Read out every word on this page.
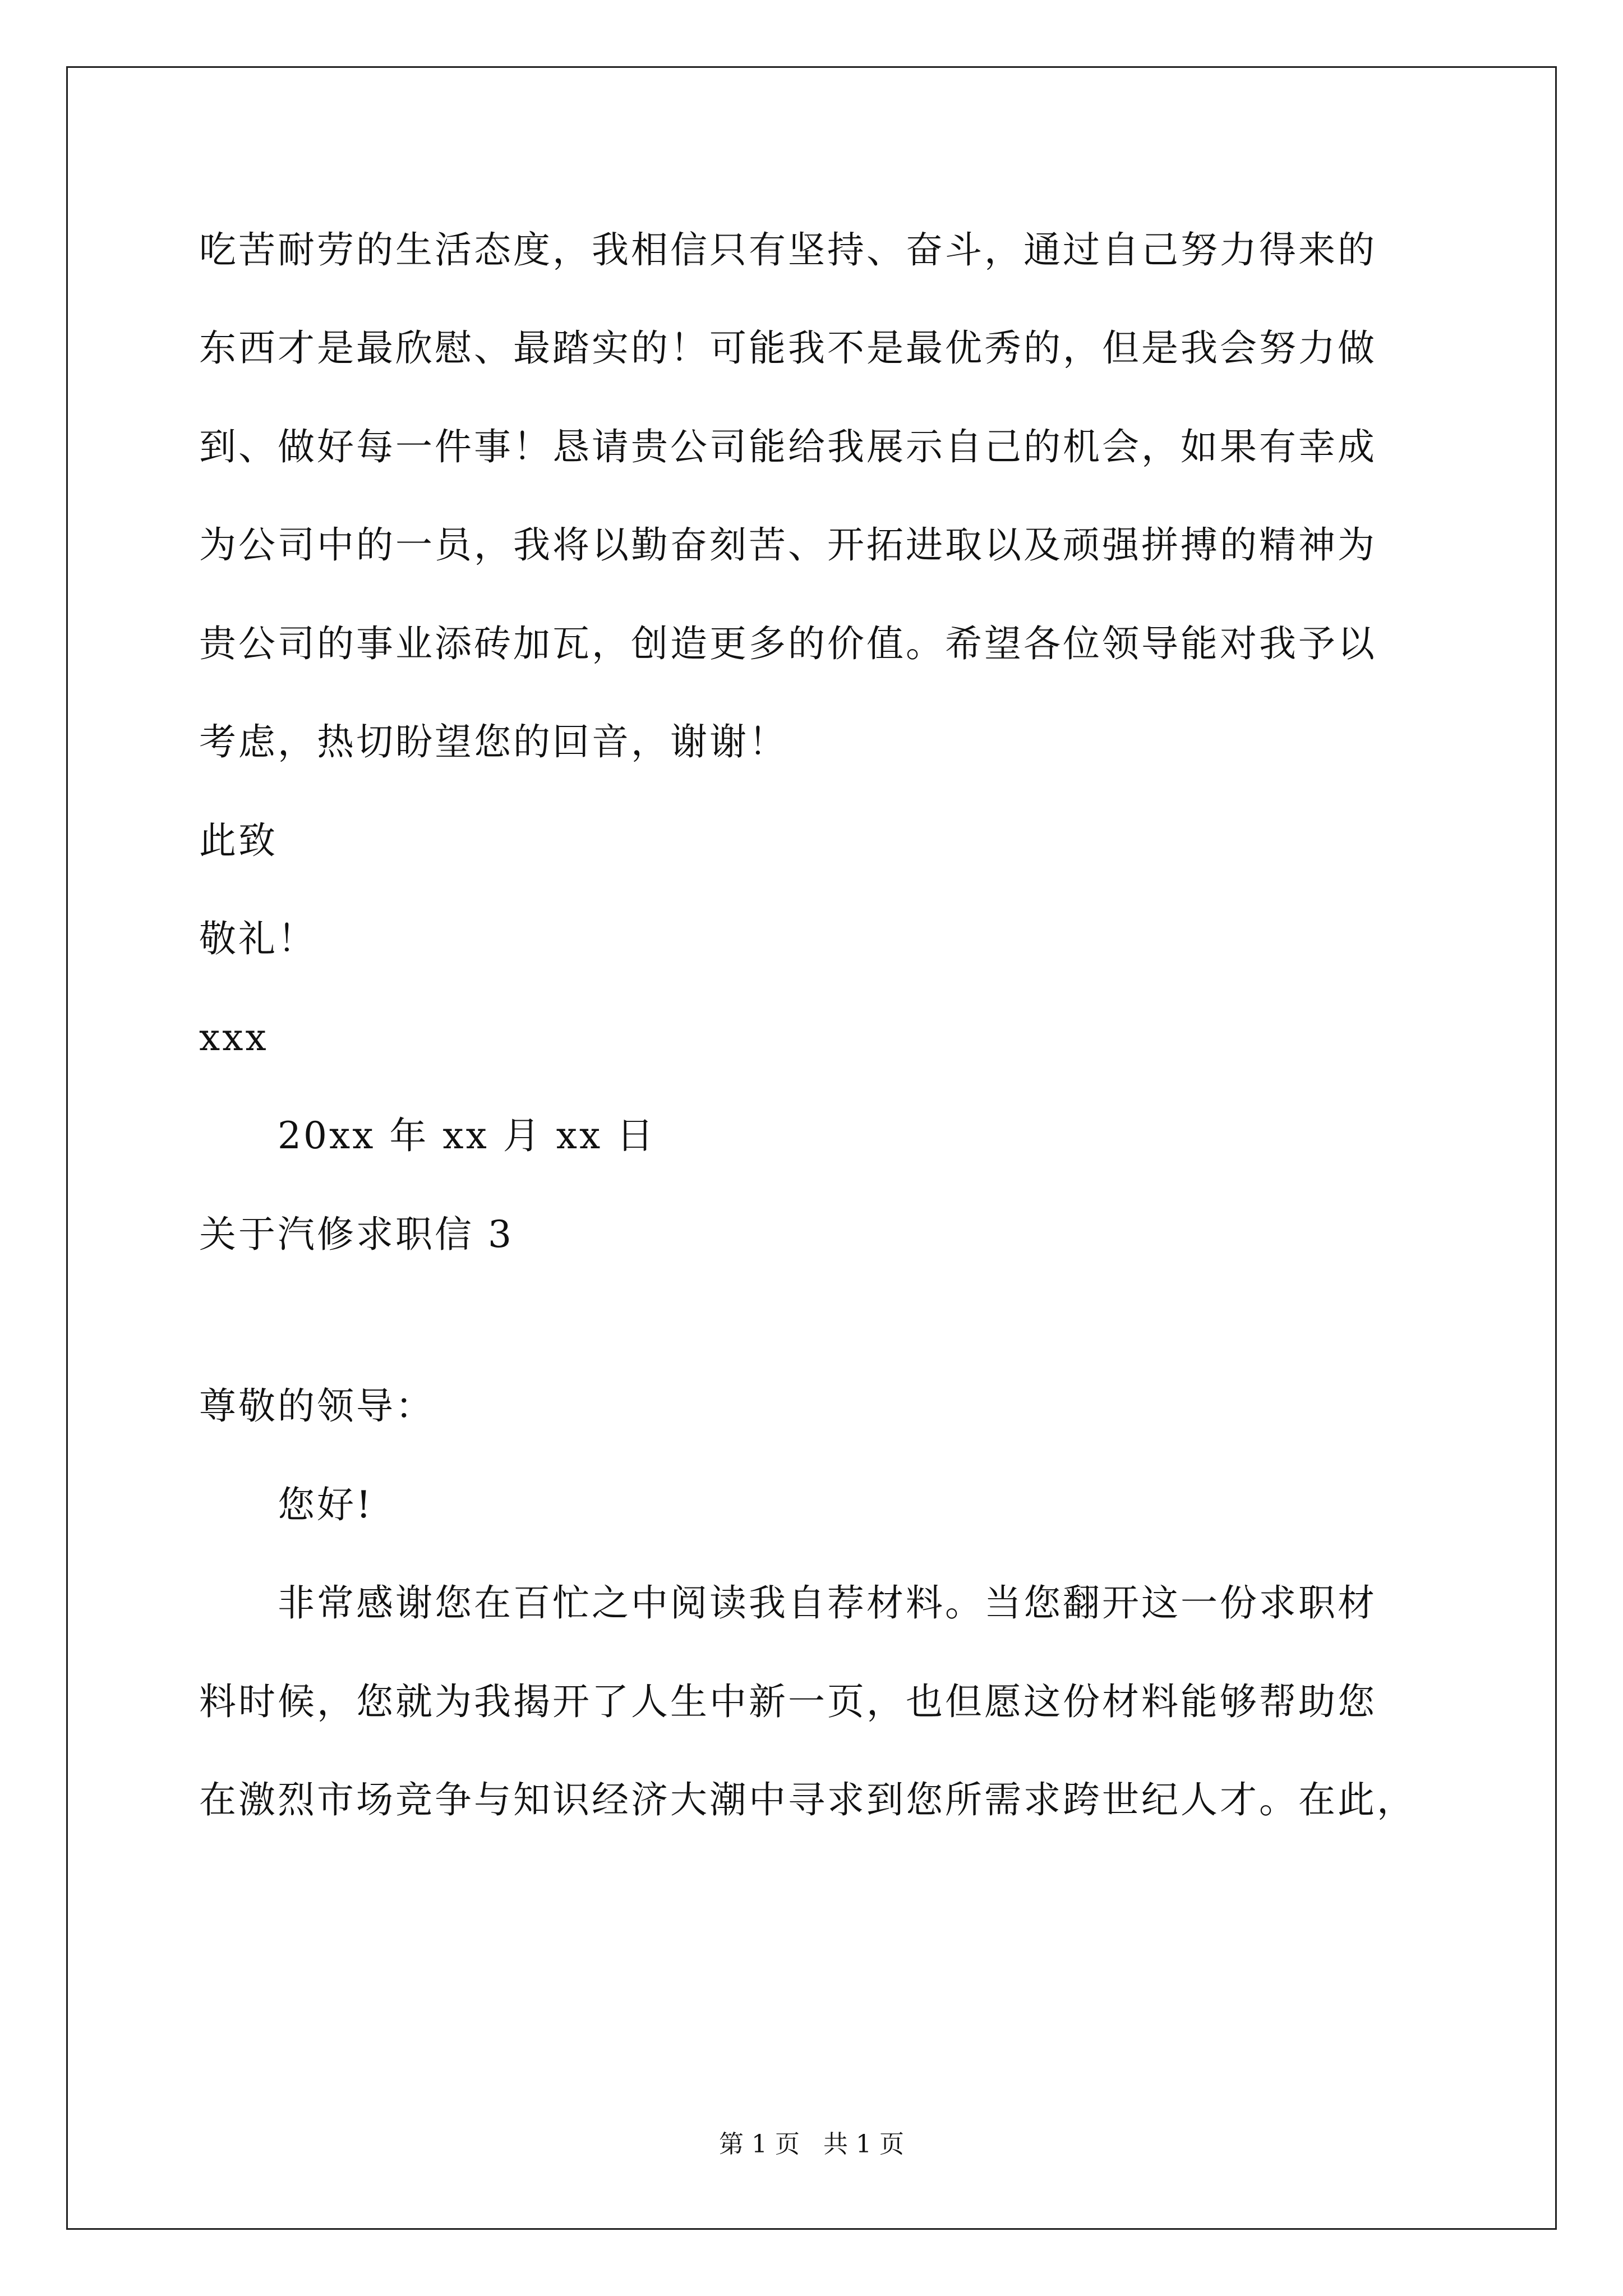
吃苦耐劳的生活态度，我相信只有坚持、奋斗，通过自己努力得来的
东西才是最欣慰、最踏实的！可能我不是最优秀的，但是我会努力做
到、做好每一件事！恳请贵公司能给我展示自己的机会，如果有幸成
为公司中的一员，我将以勤奋刻苦、开拓进取以及顽强拼搏的精神为
贵公司的事业添砖加瓦，创造更多的价值。希望各位领导能对我予以
考虑，热切盼望您的回音，谢谢！
此致
敬礼！
xxx
20xx 年 xx 月 xx 日
关于汽修求职信 3
尊敬的领导：
您好!
非常感谢您在百忙之中阅读我自荐材料。当您翻开这一份求职材
料时候，您就为我揭开了人生中新一页，也但愿这份材料能够帮助您
在激烈市场竞争与知识经济大潮中寻求到您所需求跨世纪人才。在此，
第 1 页 共 1 页
